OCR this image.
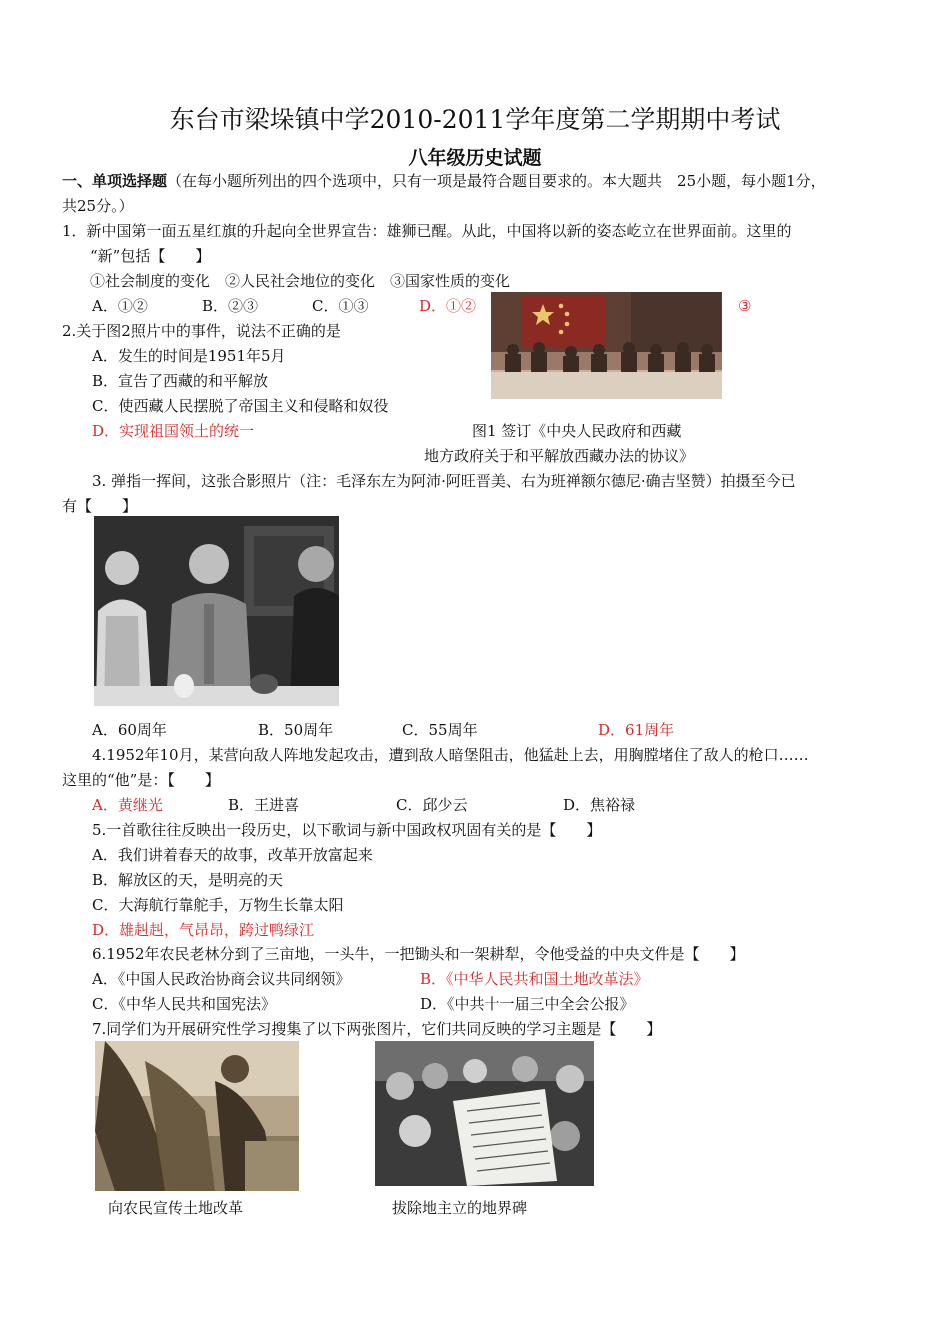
东台市梁垛镇中学2010-2011学年度第二学期期中考试
八年级历史试题
一、单项选择题（在每小题所列出的四个选项中，只有一项是最符合题目要求的。本大题共　25小题，每小题1分，
共25分。）
1．新中国第一面五星红旗的升起向全世界宣告：雄狮已醒。从此，中国将以新的姿态屹立在世界面前。这里的
“新”包括【　　】
①社会制度的变化　②人民社会地位的变化　③国家性质的变化
A．①②	B．②③	C．①③	D．①②	③
2.关于图2照片中的事件，说法不正确的是
A．发生的时间是1951年5月
B．宣告了西藏的和平解放
C．使西藏人民摆脱了帝国主义和侵略和奴役
D．实现祖国领土的统一	图1 签订《中央人民政府和西藏
地方政府关于和平解放西藏办法的协议》
3. 弹指一挥间，这张合影照片（注：毛泽东左为阿沛·阿旺晋美、右为班禅额尔德尼·确吉坚赞）拍摄至今已
有【　　】
A．60周年	B．50周年	C．55周年	D．61周年
4.1952年10月，某营向敌人阵地发起攻击，遭到敌人暗堡阻击，他猛赴上去，用胸膛堵住了敌人的枪口……
这里的“他”是：【　　】
A．黄继光	B．王进喜	C．邱少云	D．焦裕禄
5.一首歌往往反映出一段历史，以下歌词与新中国政权巩固有关的是【　　】
A．我们讲着春天的故事，改革开放富起来
B．解放区的天，是明亮的天
C．大海航行靠舵手，万物生长靠太阳
D．雄赳赳，气昂昂，跨过鸭绿江
6.1952年农民老林分到了三亩地，一头牛，一把锄头和一架耕犁，令他受益的中央文件是【　　】
A．《中国人民政治协商会议共同纲领》	B．《中华人民共和国土地改革法》
C．《中华人民共和国宪法》	D．《中共十一届三中全会公报》
7.同学们为开展研究性学习搜集了以下两张图片，它们共同反映的学习主题是【　　】
向农民宣传土地改革	拔除地主立的地界碑
